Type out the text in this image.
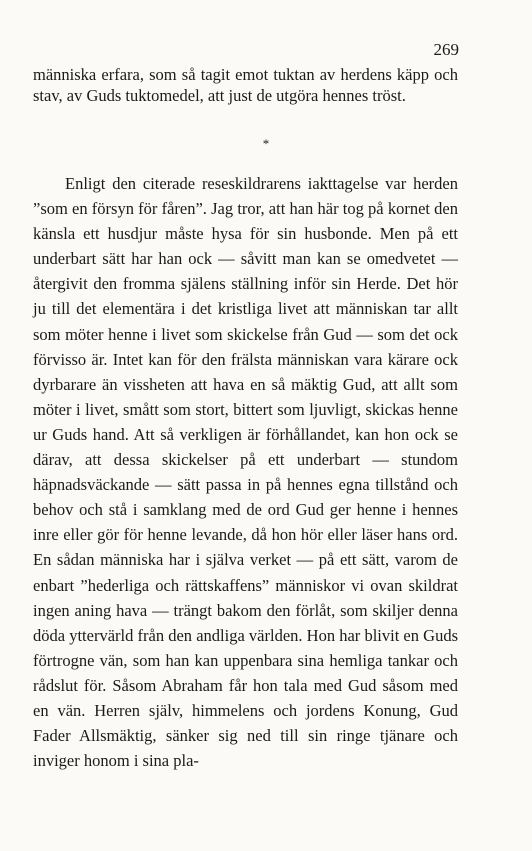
269

människa erfara, som så tagit emot tuktan av herdens käpp och stav, av Guds tuktomedel, att just de utgöra hennes tröst.

*

Enligt den citerade reseskildrarens iakttagelse var herden ”som en försyn för fåren”. Jag tror, att han här tog på kornet den känsla ett husdjur måste hysa för sin husbonde. Men på ett underbart sätt har han ock — såvitt man kan se omedvetet — återgivit den fromma själens ställning inför sin Herde. Det hör ju till det elementära i det kristliga livet att människan tar allt som möter henne i livet som skickelse från Gud — som det ock förvisso är. Intet kan för den frälsta människan vara kärare ock dyrbarare än vissheten att hava en så mäktig Gud, att allt som möter i livet, smått som stort, bittert som ljuvligt, skickas henne ur Guds hand. Att så verkligen är förhållandet, kan hon ock se därav, att dessa skickelser på ett underbart — stundom häpnadsväckande — sätt passa in på hennes egna tillstånd och behov och stå i samklang med de ord Gud ger henne i hennes inre eller gör för henne levande, då hon hör eller läser hans ord. En sådan människa har i själva verket — på ett sätt, varom de enbart ”hederliga och rättskaffens” människor vi ovan skildrat ingen aning hava — trängt bakom den förlåt, som skiljer denna döda yttervärld från den andliga världen. Hon har blivit en Guds förtrogne vän, som han kan uppenbara sina hemliga tankar och rådslut för. Såsom Abraham får hon tala med Gud såsom med en vän. Herren själv, himmelens och jordens Konung, Gud Fader Allsmäktig, sänker sig ned till sin ringe tjänare och inviger honom i sina pla-
